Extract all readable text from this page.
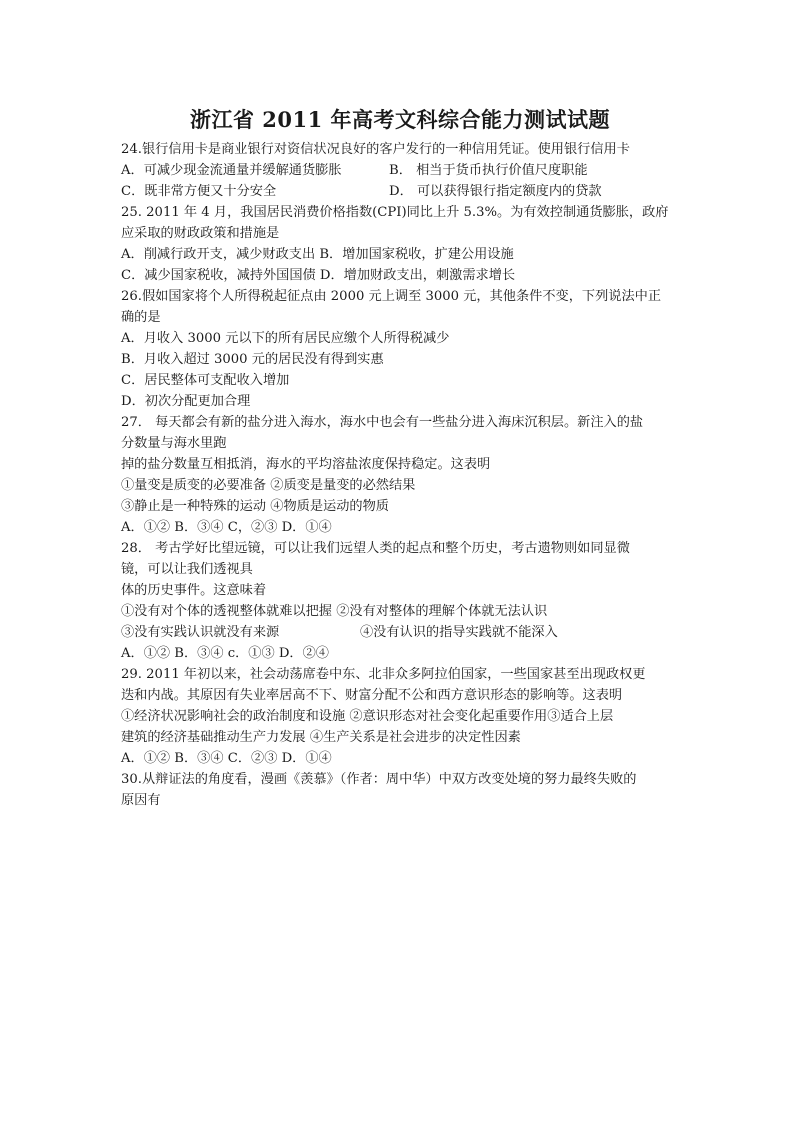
浙江省 2011 年高考文科综合能力测试试题
24.银行信用卡是商业银行对资信状况良好的客户发行的一种信用凭证。使用银行信用卡
A．可减少现金流通量并缓解通货膨胀	B． 相当于货币执行价值尺度职能
C．既非常方便又十分安全	D． 可以获得银行指定额度内的贷款
25. 2011 年 4 月，我国居民消费价格指数(CPI)同比上升 5.3%。为有效控制通货膨胀，政府
应采取的财政政策和措施是
A．削减行政开支，减少财政支出 B．增加国家税收，扩建公用设施
C．减少国家税收，减持外国国债 D．增加财政支出，刺激需求增长
26.假如国家将个人所得税起征点由 2000 元上调至 3000 元，其他条件不变，下列说法中正
确的是
A．月收入 3000 元以下的所有居民应缴个人所得税减少
B．月收入超过 3000 元的居民没有得到实惠
C．居民整体可支配收入增加
D．初次分配更加合理
27． 每天都会有新的盐分进入海水，海水中也会有一些盐分进入海床沉积层。新注入的盐
分数量与海水里跑
掉的盐分数量互相抵消，海水的平均溶盐浓度保持稳定。这表明
①量变是质变的必要准备 ②质变是量变的必然结果
③静止是一种特殊的运动 ④物质是运动的物质
A．①② B．③④ C，②③ D．①④
28． 考古学好比望远镜，可以让我们远望人类的起点和整个历史，考古遗物则如同显微
镜，可以让我们透视具
体的历史事件。这意味着
①没有对个体的透视整体就难以把握 ②没有对整体的理解个体就无法认识
③没有实践认识就没有来源	④没有认识的指导实践就不能深入
A．①② B．③④ c．①③ D．②④
29. 2011 年初以来，社会动荡席卷中东、北非众多阿拉伯国家，一些国家甚至出现政权更
迭和内战。其原因有失业率居高不下、财富分配不公和西方意识形态的影响等。这表明
①经济状况影响社会的政治制度和设施 ②意识形态对社会变化起重要作用③适合上层
建筑的经济基础推动生产力发展 ④生产关系是社会进步的决定性因素
A．①② B．③④ C．②③ D．①④
30.从辩证法的角度看，漫画《羡慕》（作者：周中华）中双方改变处境的努力最终失败的
原因有
